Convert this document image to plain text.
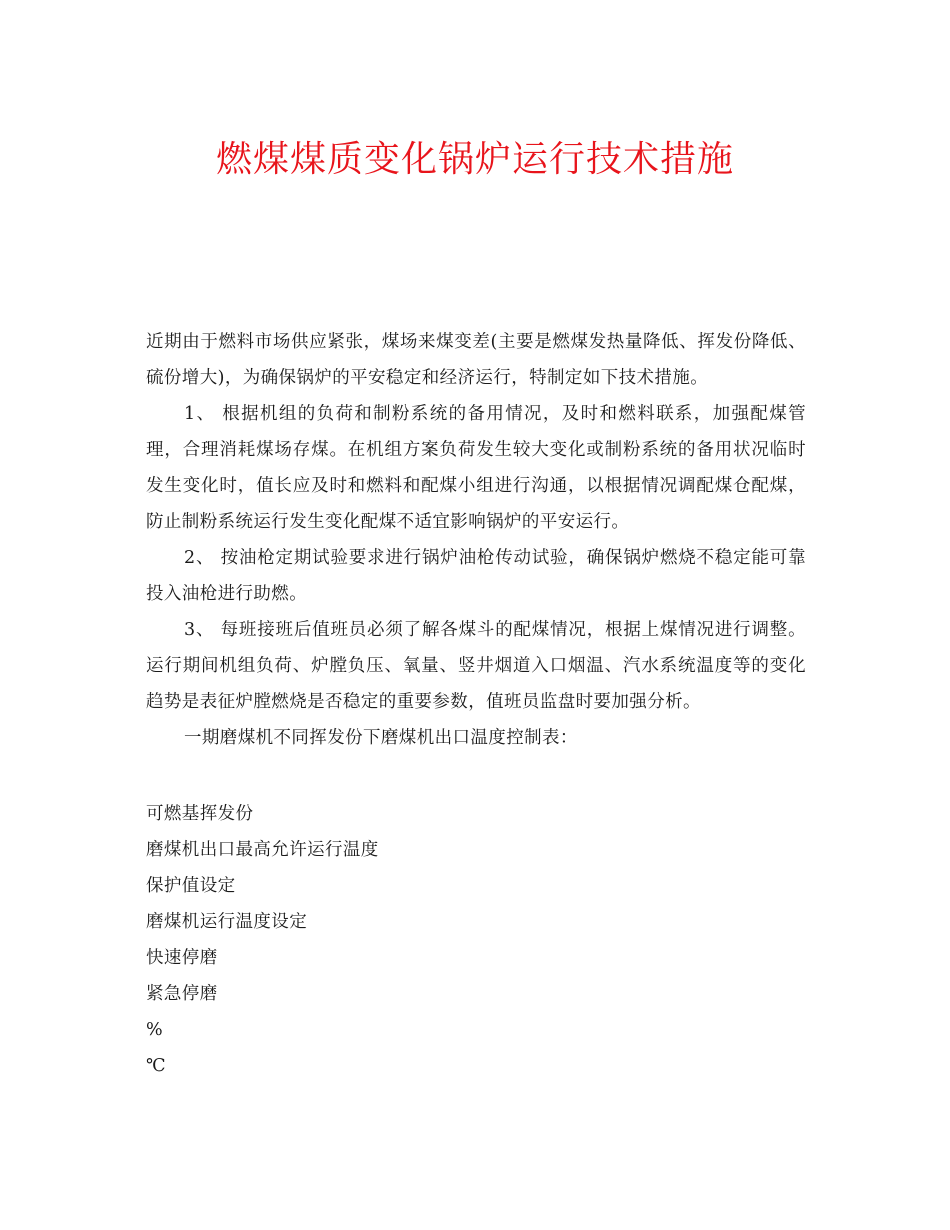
燃煤煤质变化锅炉运行技术措施

近期由于燃料市场供应紧张，煤场来煤变差(主要是燃煤发热量降低、挥发份降低、硫份增大)，为确保锅炉的平安稳定和经济运行，特制定如下技术措施。

1、 根据机组的负荷和制粉系统的备用情况，及时和燃料联系，加强配煤管理，合理消耗煤场存煤。在机组方案负荷发生较大变化或制粉系统的备用状况临时发生变化时，值长应及时和燃料和配煤小组进行沟通，以根据情况调配煤仓配煤，防止制粉系统运行发生变化配煤不适宜影响锅炉的平安运行。

2、 按油枪定期试验要求进行锅炉油枪传动试验，确保锅炉燃烧不稳定能可靠投入油枪进行助燃。

3、 每班接班后值班员必须了解各煤斗的配煤情况，根据上煤情况进行调整。运行期间机组负荷、炉膛负压、氧量、竖井烟道入口烟温、汽水系统温度等的变化趋势是表征炉膛燃烧是否稳定的重要参数，值班员监盘时要加强分析。

一期磨煤机不同挥发份下磨煤机出口温度控制表：

可燃基挥发份

磨煤机出口最高允许运行温度

保护值设定

磨煤机运行温度设定

快速停磨

紧急停磨

%

℃
